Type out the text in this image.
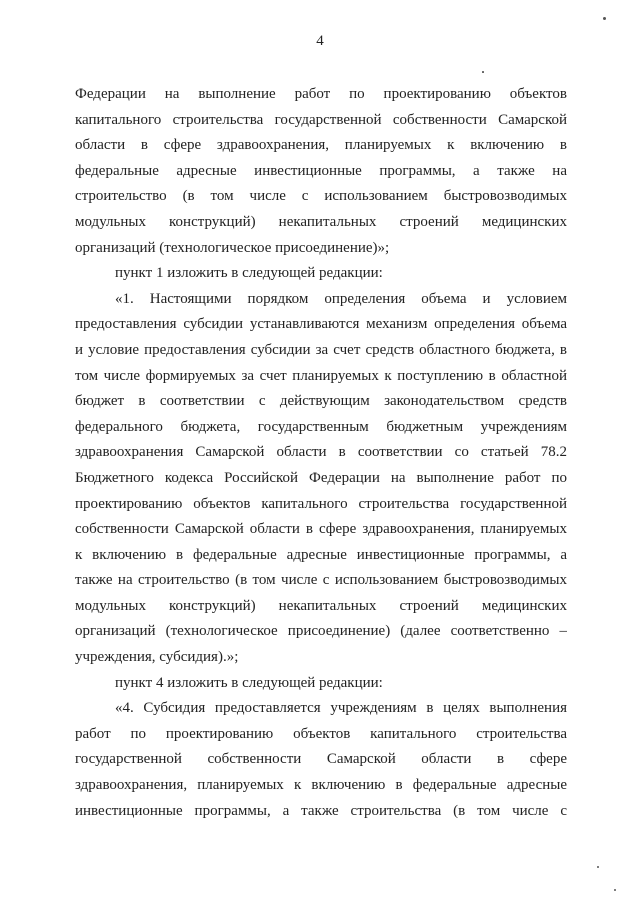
4
Федерации на выполнение работ по проектированию объектов
капитального строительства государственной собственности Самарской
области в сфере здравоохранения, планируемых к включению в
федеральные адресные инвестиционные программы, а также на
строительство (в том числе с использованием быстровозводимых
модульных конструкций) некапитальных строений медицинских
организаций (технологическое присоединение)»;
пункт 1 изложить в следующей редакции:
«1. Настоящими порядком определения объема и условием
предоставления субсидии устанавливаются механизм определения объема
и условие предоставления субсидии за счет средств областного бюджета, в
том числе формируемых за счет планируемых к поступлению в областной
бюджет в соответствии с действующим законодательством средств
федерального бюджета, государственным бюджетным учреждениям
здравоохранения Самарской области в соответствии со статьей 78.2
Бюджетного кодекса Российской Федерации на выполнение работ по
проектированию объектов капитального строительства государственной
собственности Самарской области в сфере здравоохранения, планируемых
к включению в федеральные адресные инвестиционные программы, а
также на строительство (в том числе с использованием быстровозводимых
модульных конструкций) некапитальных строений медицинских
организаций (технологическое присоединение) (далее соответственно –
учреждения, субсидия).»;
пункт 4 изложить в следующей редакции:
«4. Субсидия предоставляется учреждениям в целях выполнения
работ по проектированию объектов капитального строительства
государственной собственности Самарской области в сфере
здравоохранения, планируемых к включению в федеральные адресные
инвестиционные программы, а также строительства (в том числе с
